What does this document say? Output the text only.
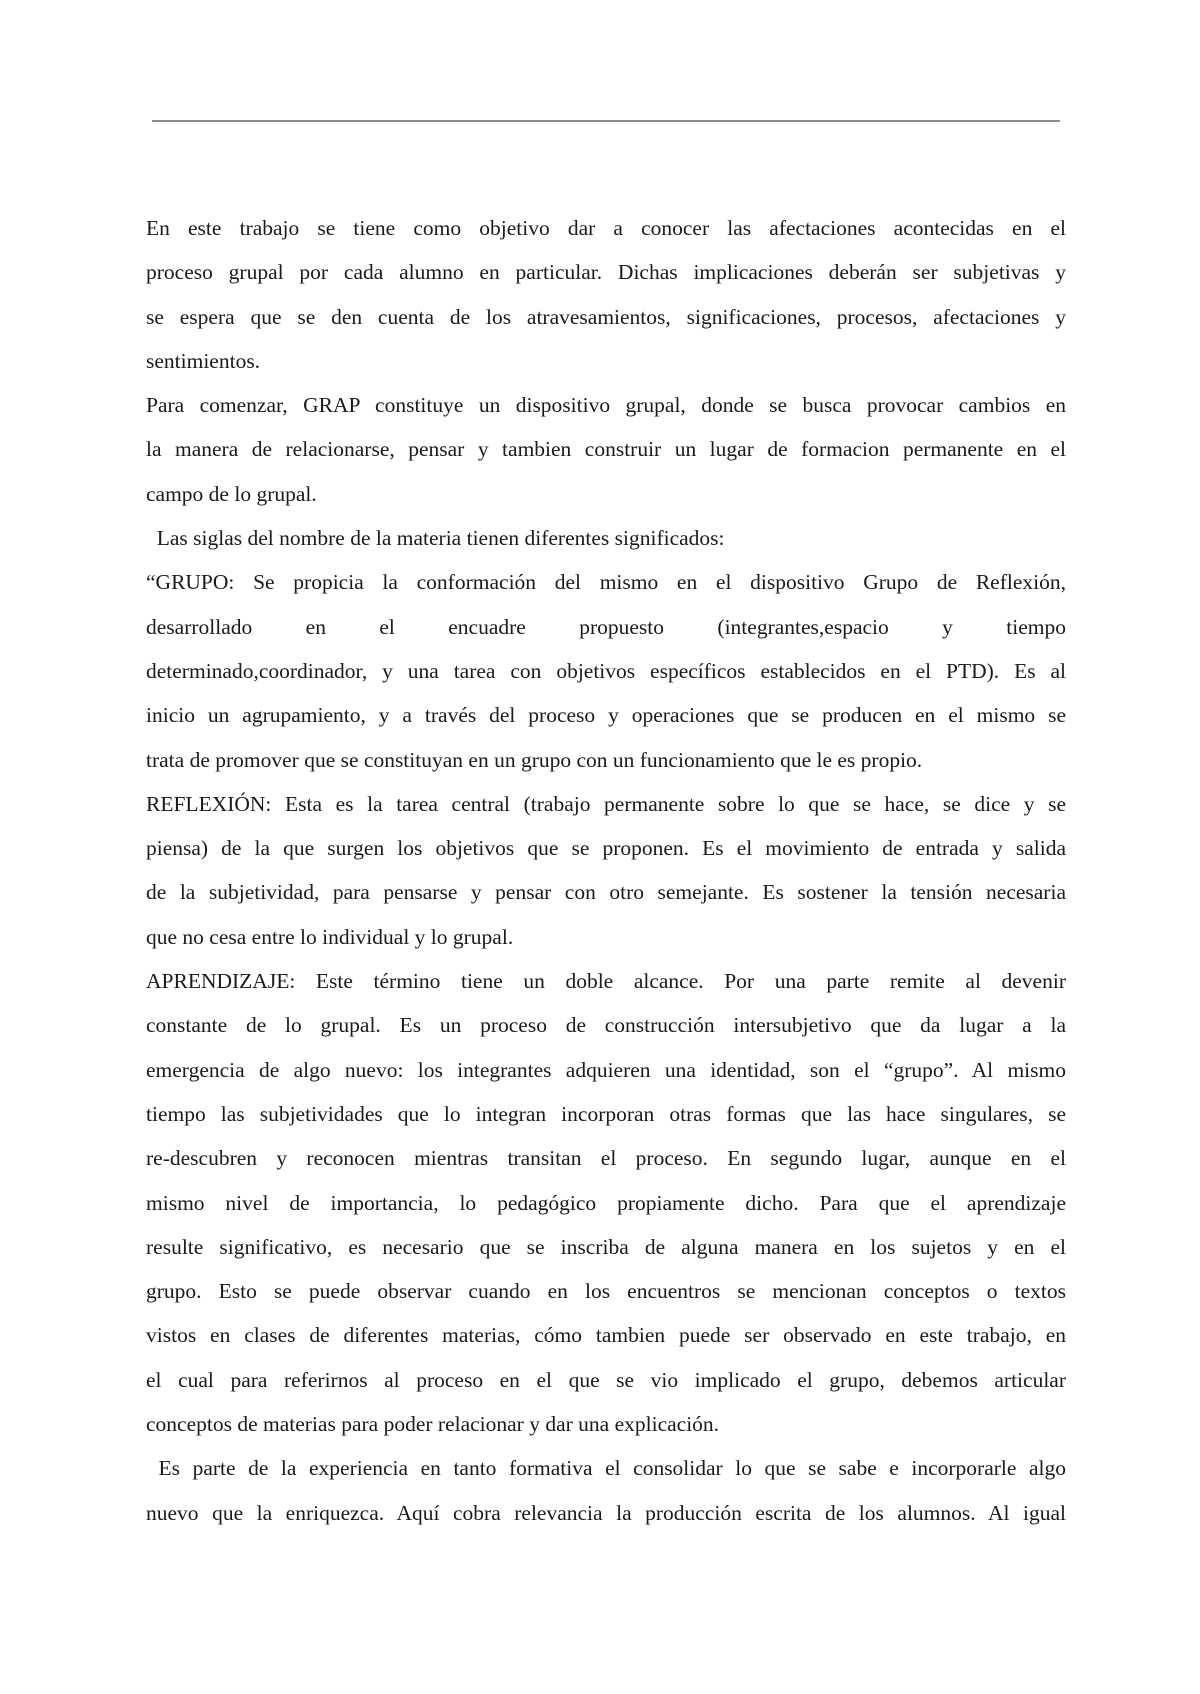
En este trabajo se tiene como objetivo dar a conocer las afectaciones acontecidas en el

proceso grupal por cada alumno en particular. Dichas implicaciones deberán ser subjetivas y

se espera que se den cuenta de los atravesamientos, significaciones, procesos, afectaciones y

sentimientos.

Para comenzar, GRAP constituye un dispositivo grupal, donde se busca provocar cambios en

la manera de relacionarse, pensar y tambien construir un lugar de formacion permanente en el

campo de lo grupal.

Las siglas del nombre de la materia tienen diferentes significados:

“GRUPO: Se propicia la conformación del mismo en el dispositivo Grupo de Reflexión,

desarrollado en el encuadre propuesto (integrantes,espacio y tiempo

determinado,coordinador, y una tarea con objetivos específicos establecidos en el PTD). Es al

inicio un agrupamiento, y a través del proceso y operaciones que se producen en el mismo se

trata de promover que se constituyan en un grupo con un funcionamiento que le es propio.

REFLEXIÓN: Esta es la tarea central (trabajo permanente sobre lo que se hace, se dice y se

piensa) de la que surgen los objetivos que se proponen. Es el movimiento de entrada y salida

de la subjetividad, para pensarse y pensar con otro semejante. Es sostener la tensión necesaria

que no cesa entre lo individual y lo grupal.

APRENDIZAJE: Este término tiene un doble alcance. Por una parte remite al devenir

constante de lo grupal. Es un proceso de construcción intersubjetivo que da lugar a la

emergencia de algo nuevo: los integrantes adquieren una identidad, son el “grupo”. Al mismo

tiempo las subjetividades que lo integran incorporan otras formas que las hace singulares, se

re-descubren y reconocen mientras transitan el proceso. En segundo lugar, aunque en el

mismo nivel de importancia, lo pedagógico propiamente dicho. Para que el aprendizaje

resulte significativo, es necesario que se inscriba de alguna manera en los sujetos y en el

grupo. Esto se puede observar cuando en los encuentros se mencionan conceptos o textos

vistos en clases de diferentes materias, cómo tambien puede ser observado en este trabajo, en

el cual para referirnos al proceso en el que se vio implicado el grupo, debemos articular

conceptos de materias para poder relacionar y dar una explicación.

Es parte de la experiencia en tanto formativa el consolidar lo que se sabe e incorporarle algo

nuevo que la enriquezca. Aquí cobra relevancia la producción escrita de los alumnos. Al igual
